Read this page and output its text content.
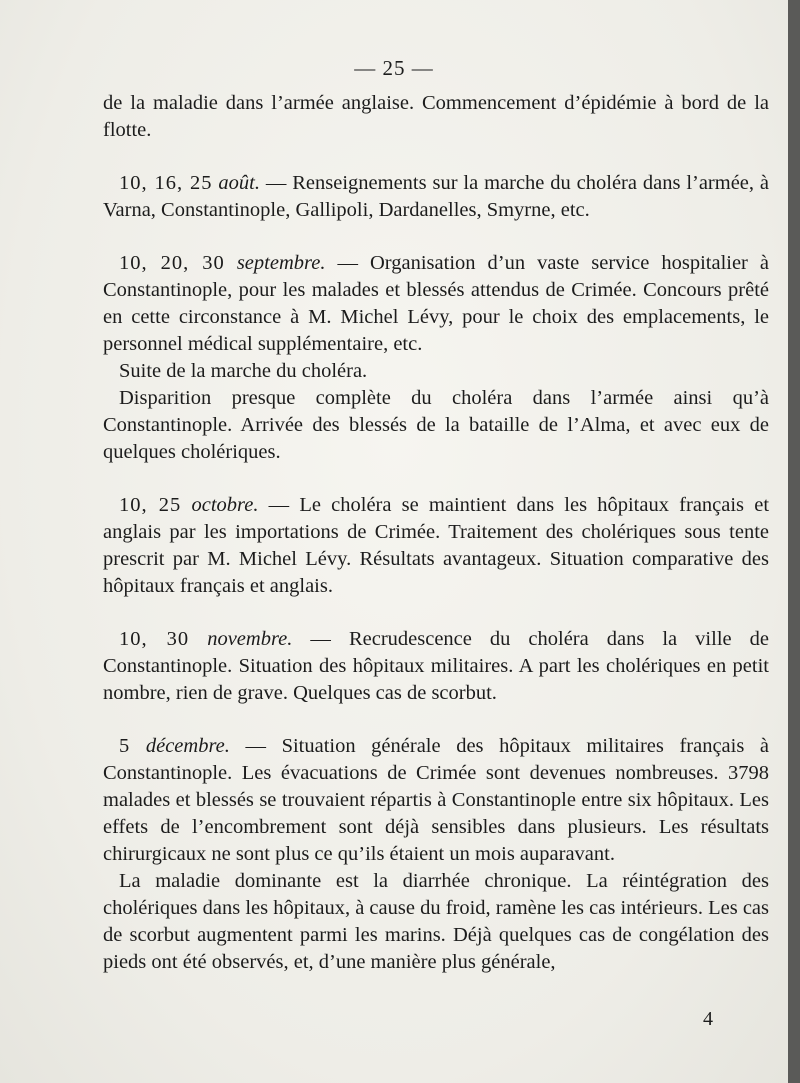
— 25 —

de la maladie dans l’armée anglaise. Commencement d’épidémie à bord de la flotte.

10, 16, 25 août. — Renseignements sur la marche du choléra dans l’armée, à Varna, Constantinople, Gallipoli, Dardanelles, Smyrne, etc.

10, 20, 30 septembre. — Organisation d’un vaste service hospitalier à Constantinople, pour les malades et blessés attendus de Crimée. Concours prêté en cette circonstance à M. Michel Lévy, pour le choix des emplacements, le personnel médical supplémentaire, etc.

Suite de la marche du choléra.

Disparition presque complète du choléra dans l’armée ainsi qu’à Constantinople. Arrivée des blessés de la bataille de l’Alma, et avec eux de quelques cholériques.

10, 25 octobre. — Le choléra se maintient dans les hôpitaux français et anglais par les importations de Crimée. Traitement des cholériques sous tente prescrit par M. Michel Lévy. Résultats avantageux. Situation comparative des hôpitaux français et anglais.

10, 30 novembre. — Recrudescence du choléra dans la ville de Constantinople. Situation des hôpitaux militaires. A part les cholériques en petit nombre, rien de grave. Quelques cas de scorbut.

5 décembre. — Situation générale des hôpitaux militaires français à Constantinople. Les évacuations de Crimée sont devenues nombreuses. 3798 malades et blessés se trouvaient répartis à Constantinople entre six hôpitaux. Les effets de l’encombrement sont déjà sensibles dans plusieurs. Les résultats chirurgicaux ne sont plus ce qu’ils étaient un mois auparavant.

La maladie dominante est la diarrhée chronique. La réintégration des cholériques dans les hôpitaux, à cause du froid, ramène les cas intérieurs. Les cas de scorbut augmentent parmi les marins. Déjà quelques cas de congélation des pieds ont été observés, et, d’une manière plus générale,

4
